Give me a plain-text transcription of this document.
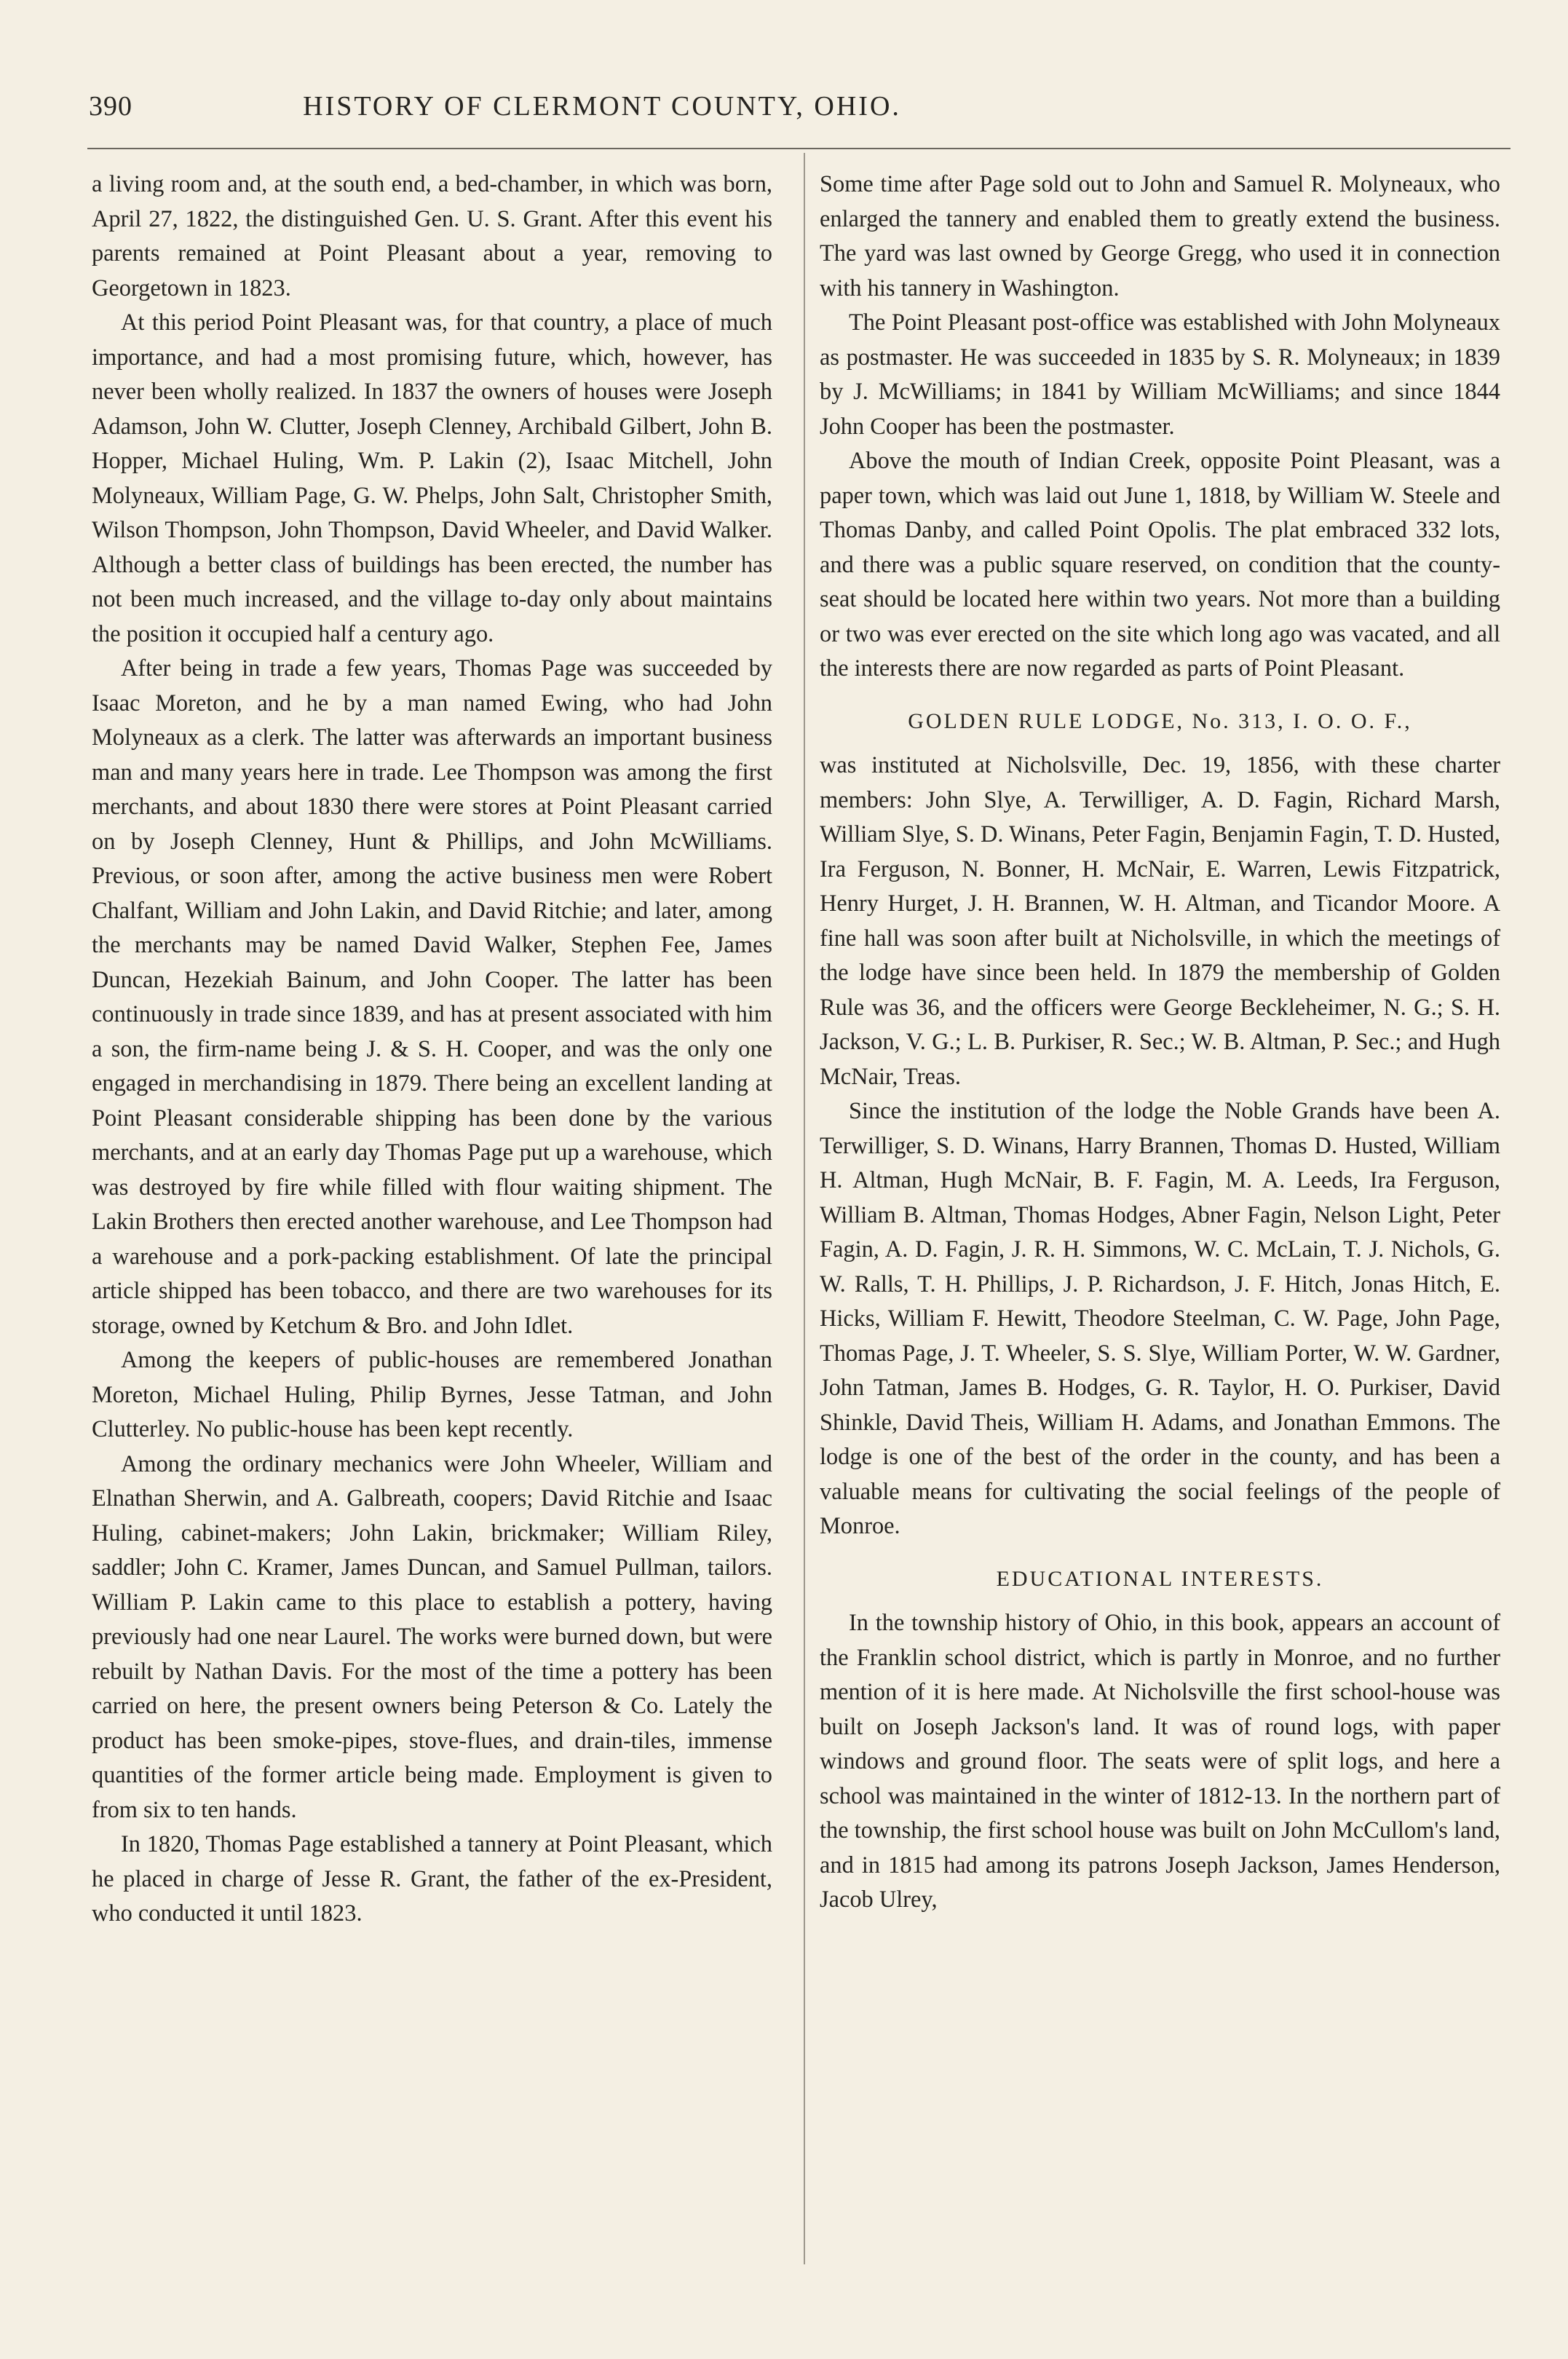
390	HISTORY OF CLERMONT COUNTY, OHIO.

a living room and, at the south end, a bed-chamber, in which was born, April 27, 1822, the distinguished Gen. U. S. Grant. After this event his parents remained at Point Pleasant about a year, removing to Georgetown in 1823.

At this period Point Pleasant was, for that country, a place of much importance, and had a most promising future, which, however, has never been wholly realized. In 1837 the owners of houses were Joseph Adamson, John W. Clutter, Joseph Clenney, Archibald Gilbert, John B. Hopper, Michael Huling, Wm. P. Lakin (2), Isaac Mitchell, John Molyneaux, William Page, G. W. Phelps, John Salt, Christopher Smith, Wilson Thompson, John Thompson, David Wheeler, and David Walker. Although a better class of buildings has been erected, the number has not been much increased, and the village to-day only about maintains the position it occupied half a century ago.

After being in trade a few years, Thomas Page was succeeded by Isaac Moreton, and he by a man named Ewing, who had John Molyneaux as a clerk. The latter was afterwards an important business man and many years here in trade. Lee Thompson was among the first merchants, and about 1830 there were stores at Point Pleasant carried on by Joseph Clenney, Hunt & Phillips, and John McWilliams. Previous, or soon after, among the active business men were Robert Chalfant, William and John Lakin, and David Ritchie; and later, among the merchants may be named David Walker, Stephen Fee, James Duncan, Hezekiah Bainum, and John Cooper. The latter has been continuously in trade since 1839, and has at present associated with him a son, the firm-name being J. & S. H. Cooper, and was the only one engaged in merchandising in 1879. There being an excellent landing at Point Pleasant considerable shipping has been done by the various merchants, and at an early day Thomas Page put up a warehouse, which was destroyed by fire while filled with flour waiting shipment. The Lakin Brothers then erected another warehouse, and Lee Thompson had a warehouse and a pork-packing establishment. Of late the principal article shipped has been tobacco, and there are two warehouses for its storage, owned by Ketchum & Bro. and John Idlet.

Among the keepers of public-houses are remembered Jonathan Moreton, Michael Huling, Philip Byrnes, Jesse Tatman, and John Clutterley. No public-house has been kept recently.

Among the ordinary mechanics were John Wheeler, William and Elnathan Sherwin, and A. Galbreath, coopers; David Ritchie and Isaac Huling, cabinet-makers; John Lakin, brickmaker; William Riley, saddler; John C. Kramer, James Duncan, and Samuel Pullman, tailors. William P. Lakin came to this place to establish a pottery, having previously had one near Laurel. The works were burned down, but were rebuilt by Nathan Davis. For the most of the time a pottery has been carried on here, the present owners being Peterson & Co. Lately the product has been smoke-pipes, stove-flues, and drain-tiles, immense quantities of the former article being made. Employment is given to from six to ten hands.

In 1820, Thomas Page established a tannery at Point Pleasant, which he placed in charge of Jesse R. Grant, the father of the ex-President, who conducted it until 1823.

Some time after Page sold out to John and Samuel R. Molyneaux, who enlarged the tannery and enabled them to greatly extend the business. The yard was last owned by George Gregg, who used it in connection with his tannery in Washington.

The Point Pleasant post-office was established with John Molyneaux as postmaster. He was succeeded in 1835 by S. R. Molyneaux; in 1839 by J. McWilliams; in 1841 by William McWilliams; and since 1844 John Cooper has been the postmaster.

Above the mouth of Indian Creek, opposite Point Pleasant, was a paper town, which was laid out June 1, 1818, by William W. Steele and Thomas Danby, and called Point Opolis. The plat embraced 332 lots, and there was a public square reserved, on condition that the county-seat should be located here within two years. Not more than a building or two was ever erected on the site which long ago was vacated, and all the interests there are now regarded as parts of Point Pleasant.

GOLDEN RULE LODGE, No. 313, I. O. O. F.,

was instituted at Nicholsville, Dec. 19, 1856, with these charter members: John Slye, A. Terwilliger, A. D. Fagin, Richard Marsh, William Slye, S. D. Winans, Peter Fagin, Benjamin Fagin, T. D. Husted, Ira Ferguson, N. Bonner, H. McNair, E. Warren, Lewis Fitzpatrick, Henry Hurget, J. H. Brannen, W. H. Altman, and Ticandor Moore. A fine hall was soon after built at Nicholsville, in which the meetings of the lodge have since been held. In 1879 the membership of Golden Rule was 36, and the officers were George Beckleheimer, N. G.; S. H. Jackson, V. G.; L. B. Purkiser, R. Sec.; W. B. Altman, P. Sec.; and Hugh McNair, Treas.

Since the institution of the lodge the Noble Grands have been A. Terwilliger, S. D. Winans, Harry Brannen, Thomas D. Husted, William H. Altman, Hugh McNair, B. F. Fagin, M. A. Leeds, Ira Ferguson, William B. Altman, Thomas Hodges, Abner Fagin, Nelson Light, Peter Fagin, A. D. Fagin, J. R. H. Simmons, W. C. McLain, T. J. Nichols, G. W. Ralls, T. H. Phillips, J. P. Richardson, J. F. Hitch, Jonas Hitch, E. Hicks, William F. Hewitt, Theodore Steelman, C. W. Page, John Page, Thomas Page, J. T. Wheeler, S. S. Slye, William Porter, W. W. Gardner, John Tatman, James B. Hodges, G. R. Taylor, H. O. Purkiser, David Shinkle, David Theis, William H. Adams, and Jonathan Emmons. The lodge is one of the best of the order in the county, and has been a valuable means for cultivating the social feelings of the people of Monroe.

EDUCATIONAL INTERESTS.

In the township history of Ohio, in this book, appears an account of the Franklin school district, which is partly in Monroe, and no further mention of it is here made. At Nicholsville the first school-house was built on Joseph Jackson's land. It was of round logs, with paper windows and ground floor. The seats were of split logs, and here a school was maintained in the winter of 1812-13. In the northern part of the township, the first school house was built on John McCullom's land, and in 1815 had among its patrons Joseph Jackson, James Henderson, Jacob Ulrey,
